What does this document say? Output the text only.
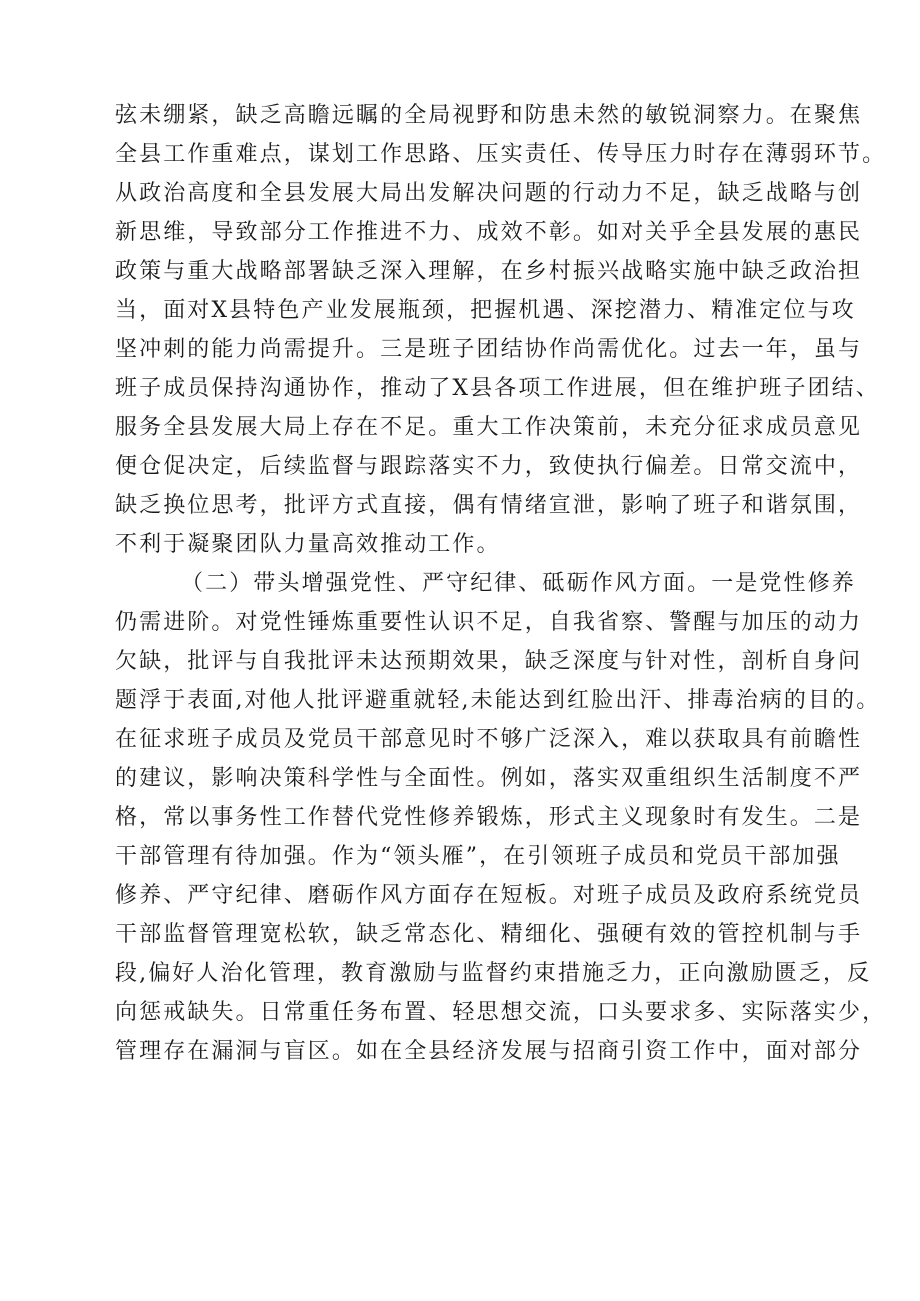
弦未绷紧，缺乏高瞻远瞩的全局视野和防患未然的敏锐洞察力。在聚焦
全县工作重难点，谋划工作思路、压实责任、传导压力时存在薄弱环节。
从政治高度和全县发展大局出发解决问题的行动力不足，缺乏战略与创
新思维，导致部分工作推进不力、成效不彰。如对关乎全县发展的惠民
政策与重大战略部署缺乏深入理解，在乡村振兴战略实施中缺乏政治担
当，面对X县特色产业发展瓶颈，把握机遇、深挖潜力、精准定位与攻
坚冲刺的能力尚需提升。三是班子团结协作尚需优化。过去一年，虽与
班子成员保持沟通协作，推动了X县各项工作进展，但在维护班子团结、
服务全县发展大局上存在不足。重大工作决策前，未充分征求成员意见
便仓促决定，后续监督与跟踪落实不力，致使执行偏差。日常交流中，
缺乏换位思考，批评方式直接，偶有情绪宣泄，影响了班子和谐氛围，
不利于凝聚团队力量高效推动工作。
（二）带头增强党性、严守纪律、砥砺作风方面。一是党性修养
仍需进阶。对党性锤炼重要性认识不足，自我省察、警醒与加压的动力
欠缺，批评与自我批评未达预期效果，缺乏深度与针对性，剖析自身问
题浮于表面,对他人批评避重就轻,未能达到红脸出汗、排毒治病的目的。
在征求班子成员及党员干部意见时不够广泛深入，难以获取具有前瞻性
的建议，影响决策科学性与全面性。例如，落实双重组织生活制度不严
格，常以事务性工作替代党性修养锻炼，形式主义现象时有发生。二是
干部管理有待加强。作为“领头雁”，在引领班子成员和党员干部加强
修养、严守纪律、磨砺作风方面存在短板。对班子成员及政府系统党员
干部监督管理宽松软，缺乏常态化、精细化、强硬有效的管控机制与手
段,偏好人治化管理，教育激励与监督约束措施乏力，正向激励匮乏，反
向惩戒缺失。日常重任务布置、轻思想交流，口头要求多、实际落实少，
管理存在漏洞与盲区。如在全县经济发展与招商引资工作中，面对部分
